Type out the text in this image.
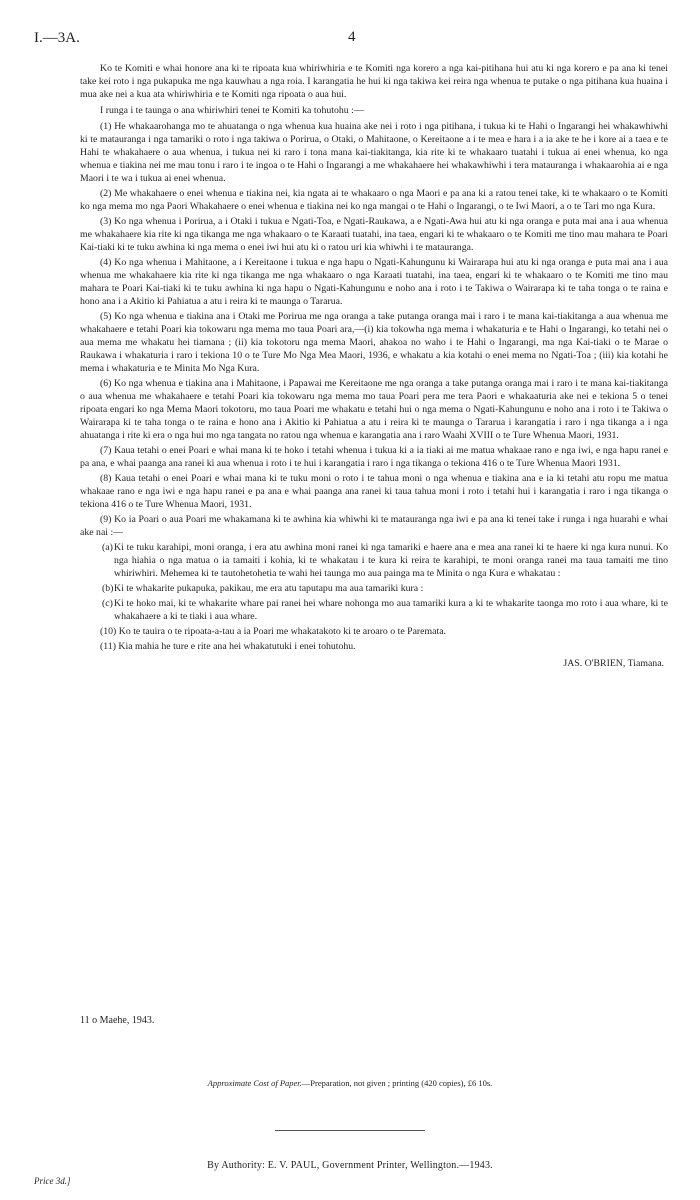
I.—3A.	4

Ko te Komiti e whai honore ana ki te ripoata kua whiriwhiria e te Komiti nga korero a nga kai-pitihana hui atu ki nga korero e pa ana ki tenei take kei roto i nga pukapuka me nga kauwhau a nga roia. I karangatia he hui ki nga takiwa kei reira nga whenua te putake o nga pitihana kua huaina i mua ake nei a kua ata whiriwhiria e te Komiti nga ripoata o aua hui.

I runga i te taunga o ana whiriwhiri tenei te Komiti ka tohutohu :—

(1) He whakaarohanga mo te ahuatanga o nga whenua kua huaina ake nei i roto i nga pitihana, i tukua ki te Hahi o Ingarangi hei whakawhiwhi ki te matauranga i nga tamariki o roto i nga takiwa o Porirua, o Otaki, o Mahitaone, o Kereitaone a i te mea e hara i a ia ake te he i kore ai a taea e te Hahi te whakahaere o aua whenua, i tukua nei ki raro i tona mana kai-tiakitanga, kia rite ki te whakaaro tuatahi i tukua ai enei whenua, ko nga whenua e tiakina nei me mau tonu i raro i te ingoa o te Hahi o Ingarangi a me whakahaere hei whakawhiwhi i tera matauranga i whakaarohia ai e nga Maori i te wa i tukua ai enei whenua.

(2) Me whakahaere o enei whenua e tiakina nei, kia ngata ai te whakaaro o nga Maori e pa ana ki a ratou tenei take, ki te whakaaro o te Komiti ko nga mema mo nga Paori Whakahaere o enei whenua e tiakina nei ko nga mangai o te Hahi o Ingarangi, o te Iwi Maori, a o te Tari mo nga Kura.

(3) Ko nga whenua i Porirua, a i Otaki i tukua e Ngati-Toa, e Ngati-Raukawa, a e Ngati-Awa hui atu ki nga oranga e puta mai ana i aua whenua me whakahaere kia rite ki nga tikanga me nga whakaaro o te Karaati tuatahi, ina taea, engari ki te whakaaro o te Komiti me tino mau mahara te Poari Kai-tiaki ki te tuku awhina ki nga mema o enei iwi hui atu ki o ratou uri kia whiwhi i te matauranga.

(4) Ko nga whenua i Mahitaone, a i Kereitaone i tukua e nga hapu o Ngati-Kahungunu ki Wairarapa hui atu ki nga oranga e puta mai ana i aua whenua me whakahaere kia rite ki nga tikanga me nga whakaaro o nga Karaati tuatahi, ina taea, engari ki te whakaaro o te Komiti me tino mau mahara te Poari Kai-tiaki ki te tuku awhina ki nga hapu o Ngati-Kahungunu e noho ana i roto i te Takiwa o Wairarapa ki te taha tonga o te raina e hono ana i a Akitio ki Pahiatua a atu i reira ki te maunga o Tararua.

(5) Ko nga whenua e tiakina ana i Otaki me Porirua me nga oranga a take putanga oranga mai i raro i te mana kai-tiakitanga a aua whenua me whakahaere e tetahi Poari kia tokowaru nga mema mo taua Poari ara,—(i) kia tokowha nga mema i whakaturia e te Hahi o Ingarangi, ko tetahi nei o aua mema me whakatu hei tiamana ; (ii) kia tokotoru nga mema Maori, ahakoa no waho i te Hahi o Ingarangi, ma nga Kai-tiaki o te Marae o Raukawa i whakaturia i raro i tekiona 10 o te Ture Mo Nga Mea Maori, 1936, e whakatu a kia kotahi o enei mema no Ngati-Toa ; (iii) kia kotahi he mema i whakaturia e te Minita Mo Nga Kura.

(6) Ko nga whenua e tiakina ana i Mahitaone, i Papawai me Kereitaone me nga oranga a take putanga oranga mai i raro i te mana kai-tiakitanga o aua whenua me whakahaere e tetahi Poari kia tokowaru nga mema mo taua Poari pera me tera Paori e whakaaturia ake nei e tekiona 5 o tenei ripoata engari ko nga Mema Maori tokotoru, mo taua Poari me whakatu e tetahi hui o nga mema o Ngati-Kahungunu e noho ana i roto i te Takiwa o Wairarapa ki te taha tonga o te raina e hono ana i Akitio ki Pahiatua a atu i reira ki te maunga o Tararua i karangatia i raro i nga tikanga a i nga ahuatanga i rite ki era o nga hui mo nga tangata no ratou nga whenua e karangatia ana i raro Waahi XVIII o te Ture Whenua Maori, 1931.

(7) Kaua tetahi o enei Poari e whai mana ki te hoko i tetahi whenua i tukua ki a ia tiaki ai me matua whakaae rano e nga iwi, e nga hapu ranei e pa ana, e whai paanga ana ranei ki aua whenua i roto i te hui i karangatia i raro i nga tikanga o tekiona 416 o te Ture Whenua Maori 1931.

(8) Kaua tetahi o enei Poari e whai mana ki te tuku moni o roto i te tahua moni o nga whenua e tiakina ana e ia ki tetahi atu ropu me matua whakaae rano e nga iwi e nga hapu ranei e pa ana e whai paanga ana ranei ki taua tahua moni i roto i tetahi hui i karangatia i raro i nga tikanga o tekiona 416 o te Ture Whenua Maori, 1931.

(9) Ko ia Poari o aua Poari me whakamana ki te awhina kia whiwhi ki te matauranga nga iwi e pa ana ki tenei take i runga i nga huarahi e whai ake nai :—

(a) Ki te tuku karahipi, moni oranga, i era atu awhina moni ranei ki nga tamariki e haere ana e mea ana ranei ki te haere ki nga kura nunui. Ko nga hiahia o nga matua o ia tamaiti i kohia, ki te whakatau i te kura ki reira te karahipi, te moni oranga ranei ma taua tamaiti me tino whiriwhiri. Mehemea ki te tautohetohetia te wahi hei taunga mo aua painga ma te Minita o nga Kura e whakatau :
(b) Ki te whakarite pukapuka, pakikau, me era atu taputapu ma aua tamariki kura :
(c) Ki te hoko mai, ki te whakarite whare pai ranei hei whare nohonga mo aua tamariki kura a ki te whakarite taonga mo roto i aua whare, ki te whakahaere a ki te tiaki i aua whare.

(10) Ko te tauira o te ripoata-a-tau a ia Poari me whakatakoto ki te aroaro o te Paremata.

(11) Kia mahia he ture e rite ana hei whakatutuki i enei tohutohu.

JAS. O'BRIEN, Tiamana.
11 o Maehe, 1943.
Approximate Cost of Paper.—Preparation, not given ; printing (420 copies), £6 10s.
By Authority: E. V. PAUL, Government Printer, Wellington.—1943.
Price 3d.]
